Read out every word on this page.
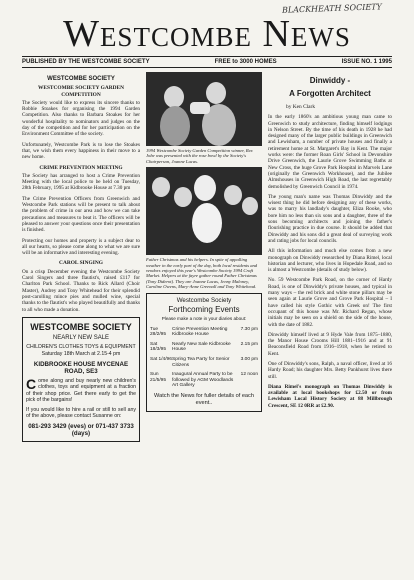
BLACKHEATH SOCIETY
Westcombe News
PUBLISHED BY THE WESTCOMBE SOCIETY	FREE to 3000 HOMES	ISSUE NO. 1 1995
WESTCOMBE SOCIETY
WESTCOMBE SOCIETY GARDEN COMPETITION

The Society would like to express its sincere thanks to Robbie Stoakes for organising the 1994 Garden Competition. Also thanks to Barbara Stoakes for her wonderful hospitality to nominators and judges on the day of the competition and for her participation on the Environment Committee of the society.

Unfortunately, Westcombe Park is to lose the Stoakes that, we wish them every happiness in their move to a new home.

CRIME PREVENTION MEETING

The Society has arranged to host a Crime Prevention Meeting with the local police to be held on Tuesday, 28th February, 1995 at Kidbrooke House at 7.30 pm

The Crime Prevention Officers from Greenwich and Westcombe Park stations will be present to talk about the problem of crime in our area and how we can take precautions and measures to beat it. The officers will be pleased to answer your questions once their presentation is finished.

Protecting our homes and property is a subject dear to all our hearts, so please come along to what we are sure will be an informative and interesting evening.

CAROL SINGING

On a crisp December evening the Westcombe Society Carol Singers and three flautist's, raised £117 for Charlton Park School. Thanks to Rick Allard (Choir Master), Audrey and Tony Whitehead for their splendid post-carolling mince pies and mulled wine, special thanks to the flautist's who played beautifully and thanks to all who made a donation.

WESTCOMBE SOCIETY
NEARLY NEW SALE
CHILDREN'S CLOTHES TOYS & EQUIPMENT
Saturday 18th March at 2.15-4 pm
KIDBROOKE HOUSE MYCENAE ROAD, SE3
Come along and buy nearly new children's clothes, toys and equipment at a fraction of their shop price. Get there early to get the pick of the bargains!
If you would like to hire a rail or still to sell any of the above, please contact Susanne on:
081-293 3429 (eves) or 071-437 3733 (days)
1994 Westcombe Society Garden Competition winner, Rex Jobe was presented with the rose bowl by the Society's Chairperson, Joanne Lucas.
Father Christmas and his helpers. In spite of appalling weather in the early part of the day, both local residents and vendors enjoyed this year's Westcombe Society 1994 Craft Market. Helpers at the fayre gather round Father Christmas (Tony Diderot). They are Joanne Lucas, Jenny Maloney, Caroline Owens, Mary-Anne Greenall and Tony Whitehead.
Westcombe Society
Forthcoming Events
Please make a note in your diaries about:
Tue 28/2/95
Crime Prevention Meeting Kidbrooke House
7.30 pm
Sat 18/3/95
Nearly New Sale Kidbrooke House
2.15 pm
Sat 1/4/96 Spring Tea Party for Senior Citizens
3.00 pm
Sun 21/5/95
Inaugural Annual Party to be followed by AGM Woodlands Art Gallery
12 noon
Watch the News for fuller details of each event..
Dinwiddy -
A Forgotten Architect
by Ken Clark

In the early 1860's an ambitious young man came to Greenwich to study architecture, finding himself lodgings in Nelson Street. By the time of his death in 1928 he had designed many of the larger public buildings in Greenwich and Lewisham, a number of private houses and finally a retirement home at St. Margaret's Bay in Kent. The major works were: the former Roan Girls' School in Devonshire Drive Greenwich, the Laurie Grove Swimming Baths at New Cross, the huge Grove Park Hospital in Marvels Lane (originally the Greenwich Workhouse), and the Jubilee Almshouses in Greenwich High Road, the last regrettably demolished by Greenwich Council in 1974.

The young man's name was Thomas Dinwiddy and the wisest thing he did before designing any of these works, was to marry his landlady's daughter, Eliza Rooke, who bore him no less than six sons and a daughter, three of the sons becoming architects and joining the father's flourishing practice in due course. It should be added that Dinwiddy and his sons did a great deal of surveying work and rating jobs for local councils.

All this information and much else comes from a new monograph on Dinwiddy researched by Diana Rimel, local historian and lecturer, who lives in Hopedale Road, and so is almost a Westcombe (details of study below).

No. 59 Westcombe Park Road, on the corner of Hardy Road, is one of Dinwiddy's private houses, and typical in many ways – the red brick and white stone pillars may be seen again at Laurie Grove and Grove Park Hospital – I have called his style Gothic with Greek on! The first occupant of this house was Mr. Richard Regan, whose initials may be seen on a shield on the side of the house, with the date of 1882.

Dinwiddy himself lived at 9 Hyde Vale from 1875–1880, the Manor House Crooms Hill 1881–1916 and at 91 Beaconsfield Road from 1916–1918, when he retired to Kent.

One of Dinwiddy's sons, Ralph, a naval officer, lived at 16 Hardy Road; his daughter Mrs. Betty Pankhurst lives there still.

Diana Rimel's monograph on Thomas Dinwiddy is available at local bookshops for £2.50 or from Lewisham Local History Society at 88 Millbrough Crescent, SE 12 0RR at £2.90.
